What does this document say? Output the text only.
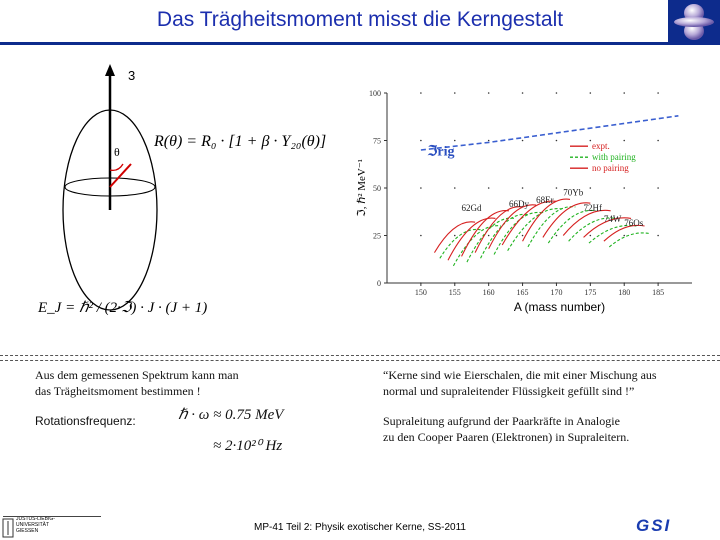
Das Trägheitsmoment misst die Kerngestalt
3
θ
R(θ) = R₀ · [1 + β · Y₂₀(θ)]
E_J = ℏ² / (2·ℑ) · J · (J + 1)
0
25
50
75
100
150	155	160	165	170	175	180	185
A (mass number)
ℑ, ℏ² MeV⁻¹
ℑrig	expt.
with pairing
no pairing
62Gd	66Dy 68Er
70Yb
72Hf
74W 76Os
Aus dem gemessenen Spektrum kann man
das Trägheitsmoment bestimmen !
Rotationsfrequenz:	ℏ · ω ≈ 0.75 MeV
≈ 2·10²⁰ Hz
“Kerne sind wie Eierschalen, die mit einer Mischung aus
normal und supraleitender Flüssigkeit gefüllt sind !”
Supraleitung aufgrund der Paarkräfte in Analogie
zu den Cooper Paaren (Elektronen) in Supraleitern.
JUSTUS-LIEBIG-
UNIVERSITÄT
GIESSEN	MP-41 Teil 2: Physik exotischer Kerne, SS-2011	GSI
